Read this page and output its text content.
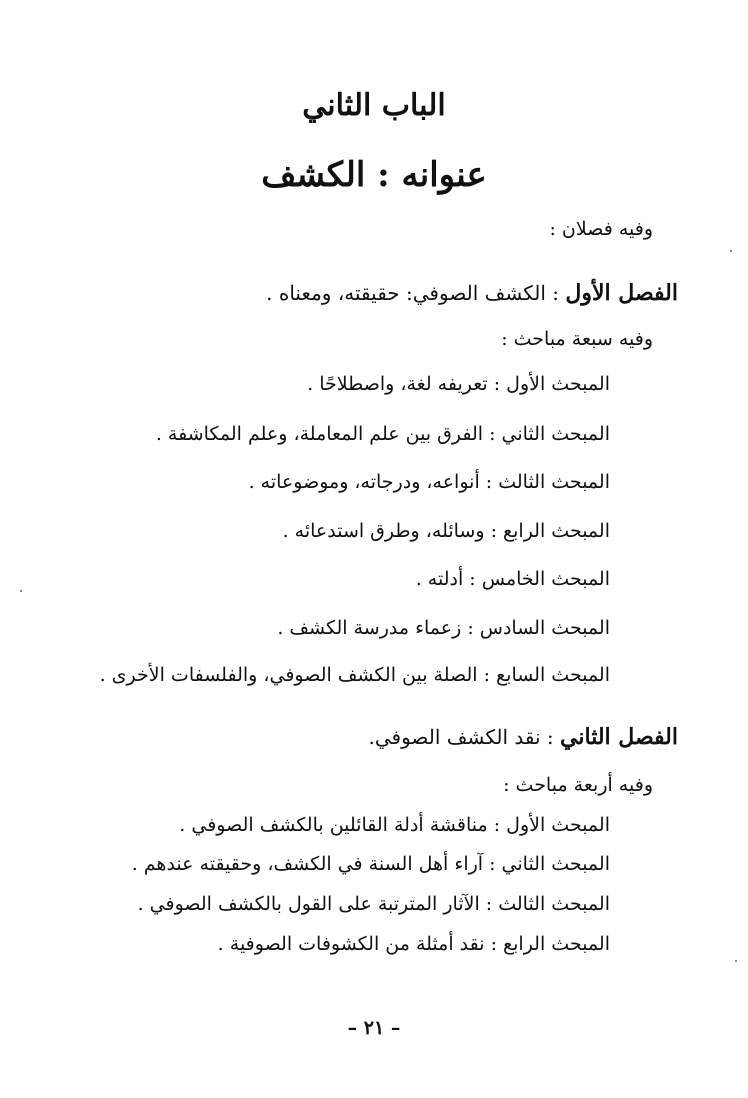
الباب الثاني
عنوانه : الكشف
وفيه فصلان :
الفصل الأول : الكشف الصوفي: حقيقته، ومعناه .
وفيه سبعة مباحث :
المبحث الأول : تعريفه لغة، واصطلاحًا .
المبحث الثاني : الفرق بين علم المعاملة، وعلم المكاشفة .
المبحث الثالث : أنواعه، ودرجاته، وموضوعاته .
المبحث الرابع : وسائله، وطرق استدعائه .
المبحث الخامس : أدلته .
المبحث السادس : زعماء مدرسة الكشف .
المبحث السابع : الصلة بين الكشف الصوفي، والفلسفات الأخرى .
الفصل الثاني : نقد الكشف الصوفي.
وفيه أربعة مباحث :
المبحث الأول : مناقشة أدلة القائلين بالكشف الصوفي .
المبحث الثاني : آراء أهل السنة في الكشف، وحقيقته عندهم .
المبحث الثالث : الآثار المترتبة على القول بالكشف الصوفي .
المبحث الرابع : نقد أمثلة من الكشوفات الصوفية .
– ٢١ –
